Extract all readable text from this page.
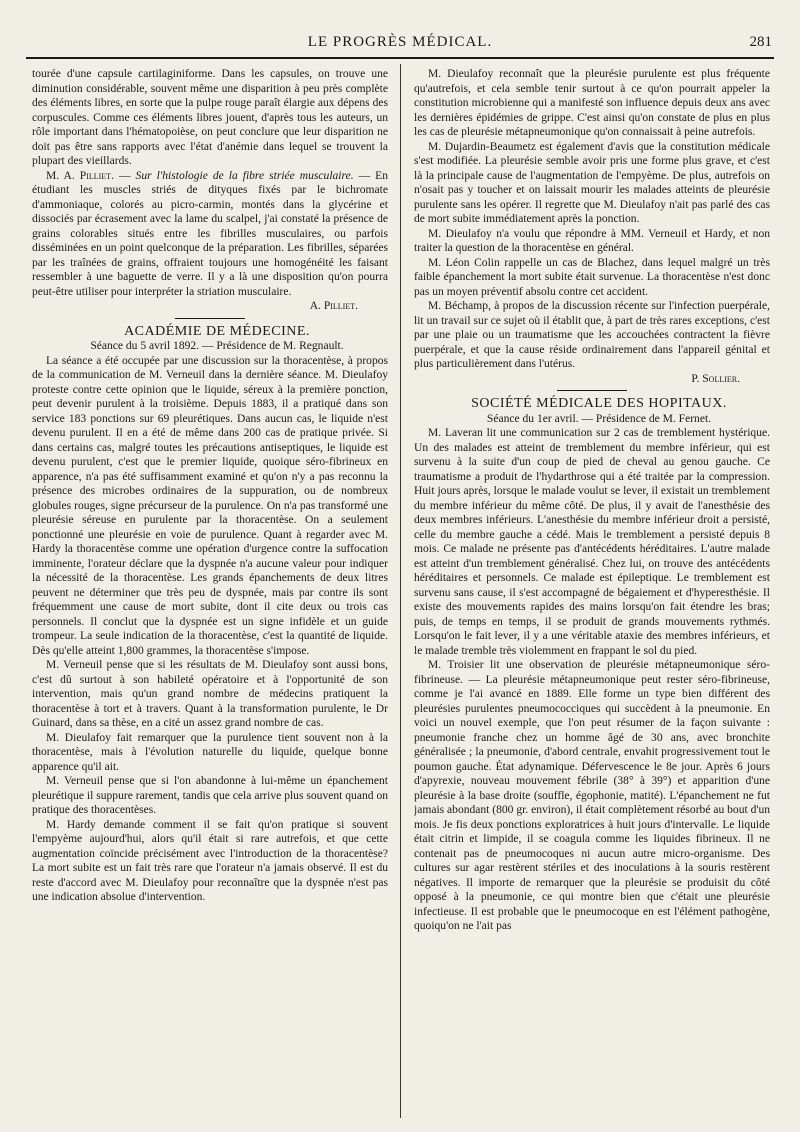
LE PROGRÈS MÉDICAL.	281

tourée d'une capsule cartilaginiforme. Dans les capsules, on trouve une diminution considérable, souvent même une disparition à peu près complète des éléments libres, en sorte que la pulpe rouge paraît élargie aux dépens des corpuscules. Comme ces éléments libres jouent, d'après tous les auteurs, un rôle important dans l'hématopoièse, on peut conclure que leur disparition ne doit pas être sans rapports avec l'état d'anémie dans lequel se trouvent la plupart des vieillards.

M. A. Pilliet. — Sur l'histologie de la fibre striée musculaire. — En étudiant les muscles striés de dityques fixés par le bichromate d'ammoniaque, colorés au picro-carmin, montés dans la glycérine et dissociés par écrasement avec la lame du scalpel, j'ai constaté la présence de grains colorables situés entre les fibrilles musculaires, ou parfois disséminées en un point quelconque de la préparation. Les fibrilles, séparées par les traînées de grains, offraient toujours une homogénéité les faisant ressembler à une baguette de verre. Il y a là une disposition qu'on pourra peut-être utiliser pour interpréter la striation musculaire.

A. Pilliet.

ACADÉMIE DE MÉDECINE.

Séance du 5 avril 1892. — Présidence de M. Regnault.

La séance a été occupée par une discussion sur la thoracentèse, à propos de la communication de M. Verneuil dans la dernière séance. M. Dieulafoy proteste contre cette opinion que le liquide, séreux à la première ponction, peut devenir purulent à la troisième. Depuis 1883, il a pratiqué dans son service 183 ponctions sur 69 pleurétiques. Dans aucun cas, le liquide n'est devenu purulent. Il en a été de même dans 200 cas de pratique privée. Si dans certains cas, malgré toutes les précautions antiseptiques, le liquide est devenu purulent, c'est que le premier liquide, quoique séro-fibrineux en apparence, n'a pas été suffisamment examiné et qu'on n'y a pas reconnu la présence des microbes ordinaires de la suppuration, ou de nombreux globules rouges, signe précurseur de la purulence. On n'a pas transformé une pleurésie séreuse en purulente par la thoracentèse. On a seulement ponctionné une pleurésie en voie de purulence. Quant à regarder avec M. Hardy la thoracentèse comme une opération d'urgence contre la suffocation imminente, l'orateur déclare que la dyspnée n'a aucune valeur pour indiquer la nécessité de la thoracentèse. Les grands épanchements de deux litres peuvent ne déterminer que très peu de dyspnée, mais par contre ils sont fréquemment une cause de mort subite, dont il cite deux ou trois cas personnels. Il conclut que la dyspnée est un signe infidèle et un guide trompeur. La seule indication de la thoracentèse, c'est la quantité de liquide. Dès qu'elle atteint 1,800 grammes, la thoracentèse s'impose.

M. Verneuil pense que si les résultats de M. Dieulafoy sont aussi bons, c'est dû surtout à son habileté opératoire et à l'opportunité de son intervention, mais qu'un grand nombre de médecins pratiquent la thoracentèse à tort et à travers. Quant à la transformation purulente, le Dr Guinard, dans sa thèse, en a cité un assez grand nombre de cas.

M. Dieulafoy fait remarquer que la purulence tient souvent non à la thoracentèse, mais à l'évolution naturelle du liquide, quelque bonne apparence qu'il ait.

M. Verneuil pense que si l'on abandonne à lui-même un épanchement pleurétique il suppure rarement, tandis que cela arrive plus souvent quand on pratique des thoracentèses.

M. Hardy demande comment il se fait qu'on pratique si souvent l'empyème aujourd'hui, alors qu'il était si rare autrefois, et que cette augmentation coïncide précisément avec l'introduction de la thoracentèse? La mort subite est un fait très rare que l'orateur n'a jamais observé. Il est du reste d'accord avec M. Dieulafoy pour reconnaître que la dyspnée n'est pas une indication absolue d'intervention.

M. Dieulafoy reconnaît que la pleurésie purulente est plus fréquente qu'autrefois, et cela semble tenir surtout à ce qu'on pourrait appeler la constitution microbienne qui a manifesté son influence depuis deux ans avec les dernières épidémies de grippe. C'est ainsi qu'on constate de plus en plus les cas de pleurésie métapneumonique qu'on connaissait à peine autrefois.

M. Dujardin-Beaumetz est également d'avis que la constitution médicale s'est modifiée. La pleurésie semble avoir pris une forme plus grave, et c'est là la principale cause de l'augmentation de l'empyème. De plus, autrefois on n'osait pas y toucher et on laissait mourir les malades atteints de pleurésie purulente sans les opérer. Il regrette que M. Dieulafoy n'ait pas parlé des cas de mort subite immédiatement après la ponction.

M. Dieulafoy n'a voulu que répondre à MM. Verneuil et Hardy, et non traiter la question de la thoracentèse en général.

M. Léon Colin rappelle un cas de Blachez, dans lequel malgré un très faible épanchement la mort subite était survenue. La thoracentèse n'est donc pas un moyen préventif absolu contre cet accident.

M. Béchamp, à propos de la discussion récente sur l'infection puerpérale, lit un travail sur ce sujet où il établit que, à part de très rares exceptions, c'est par une plaie ou un traumatisme que les accouchées contractent la fièvre puerpérale, et que la cause réside ordinairement dans l'appareil génital et plus particulièrement dans l'utérus.

P. Sollier.

SOCIÉTÉ MÉDICALE DES HOPITAUX.

Séance du 1er avril. — Présidence de M. Fernet.

M. Laveran lit une communication sur 2 cas de tremblement hystérique. Un des malades est atteint de tremblement du membre inférieur, qui est survenu à la suite d'un coup de pied de cheval au genou gauche. Ce traumatisme a produit de l'hydarthrose qui a été traitée par la compression. Huit jours après, lorsque le malade voulut se lever, il existait un tremblement du membre inférieur du même côté. De plus, il y avait de l'anesthésie des deux membres inférieurs. L'anesthésie du membre inférieur droit a persisté, celle du membre gauche a cédé. Mais le tremblement a persisté depuis 8 mois. Ce malade ne présente pas d'antécédents héréditaires. L'autre malade est atteint d'un tremblement généralisé. Chez lui, on trouve des antécédents héréditaires et personnels. Ce malade est épileptique. Le tremblement est survenu sans cause, il s'est accompagné de bégaiement et d'hyperesthésie. Il existe des mouvements rapides des mains lorsqu'on fait étendre les bras; puis, de temps en temps, il se produit de grands mouvements rythmés. Lorsqu'on le fait lever, il y a une véritable ataxie des membres inférieurs, et le malade tremble très violemment en frappant le sol du pied.

M. Troisier lit une observation de pleurésie métapneumonique séro-fibrineuse. — La pleurésie métapneumonique peut rester séro-fibrineuse, comme je l'ai avancé en 1889. Elle forme un type bien différent des pleurésies purulentes pneumococciques qui succèdent à la pneumonie. En voici un nouvel exemple, que l'on peut résumer de la façon suivante : pneumonie franche chez un homme âgé de 30 ans, avec bronchite généralisée ; la pneumonie, d'abord centrale, envahit progressivement tout le poumon gauche. État adynamique. Défervescence le 8e jour. Après 6 jours d'apyrexie, nouveau mouvement fébrile (38° à 39°) et apparition d'une pleurésie à la base droite (souffle, égophonie, matité). L'épanchement ne fut jamais abondant (800 gr. environ), il était complètement résorbé au bout d'un mois. Je fis deux ponctions exploratrices à huit jours d'intervalle. Le liquide était citrin et limpide, il se coagula comme les liquides fibrineux. Il ne contenait pas de pneumocoques ni aucun autre micro-organisme. Des cultures sur agar restèrent stériles et des inoculations à la souris restèrent négatives. Il importe de remarquer que la pleurésie se produisit du côté opposé à la pneumonie, ce qui montre bien que c'était une pleurésie infectieuse. Il est probable que le pneumocoque en est l'élément pathogène, quoiqu'on ne l'ait pas
